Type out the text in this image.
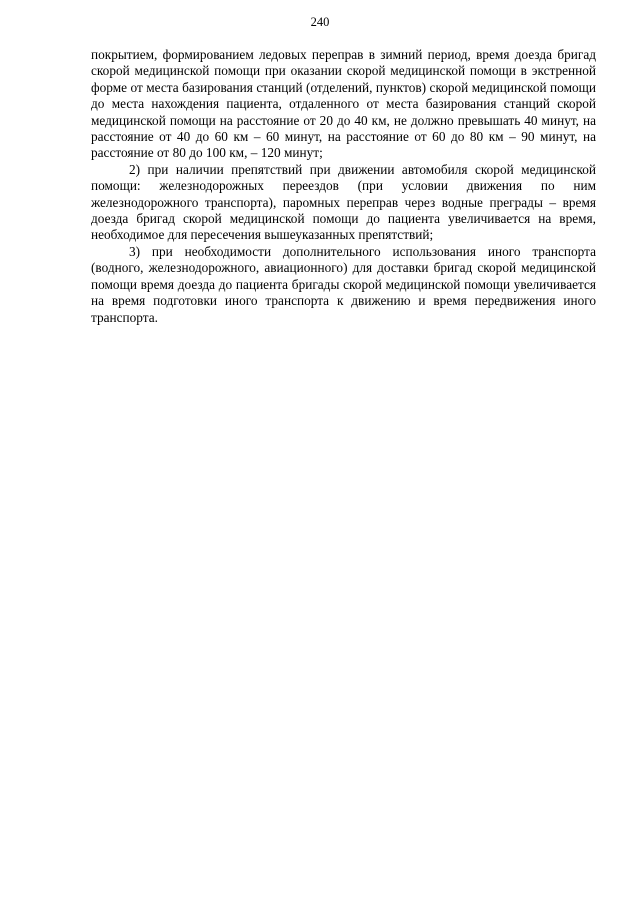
240

покрытием, формированием ледовых переправ в зимний период, время доезда бригад скорой медицинской помощи при оказании скорой медицинской помощи в экстренной форме от места базирования станций (отделений, пунктов) скорой медицинской помощи до места нахождения пациента, отдаленного от места базирования станций скорой медицинской помощи на расстояние от 20 до 40 км, не должно превышать 40 минут, на расстояние от 40 до 60 км – 60 минут, на расстояние от 60 до 80 км – 90 минут, на расстояние от 80 до 100 км, – 120 минут;

2) при наличии препятствий при движении автомобиля скорой медицинской помощи: железнодорожных переездов (при условии движения по ним железнодорожного транспорта), паромных переправ через водные преграды – время доезда бригад скорой медицинской помощи до пациента увеличивается на время, необходимое для пересечения вышеуказанных препятствий;

3) при необходимости дополнительного использования иного транспорта (водного, железнодорожного, авиационного) для доставки бригад скорой медицинской помощи время доезда до пациента бригады скорой медицинской помощи увеличивается на время подготовки иного транспорта к движению и время передвижения иного транспорта.
